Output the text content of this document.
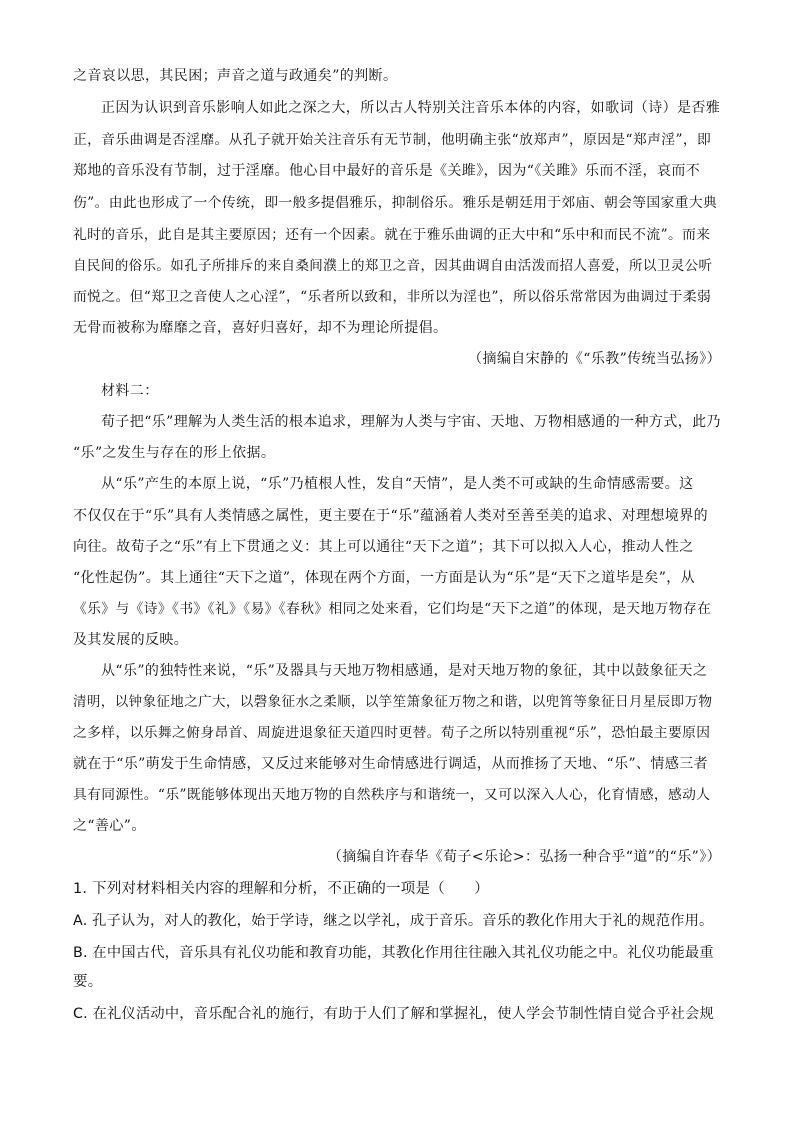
之音哀以思，其民困；声音之道与政通矣”的判断。
正因为认识到音乐影响人如此之深之大，所以古人特别关注音乐本体的内容，如歌词（诗）是否雅
正，音乐曲调是否淫靡。从孔子就开始关注音乐有无节制，他明确主张“放郑声”，原因是“郑声淫”，即
郑地的音乐没有节制，过于淫靡。他心目中最好的音乐是《关雎》，因为“《关雎》乐而不淫，哀而不
伤”。由此也形成了一个传统，即一般多提倡雅乐，抑制俗乐。雅乐是朝廷用于郊庙、朝会等国家重大典
礼时的音乐，此自是其主要原因；还有一个因素。就在于雅乐曲调的正大中和“乐中和而民不流”。而来
自民间的俗乐。如孔子所排斥的来自桑间濮上的郑卫之音，因其曲调自由活泼而招人喜爱，所以卫灵公听
而悦之。但“郑卫之音使人之心淫”，“乐者所以致和，非所以为淫也”，所以俗乐常常因为曲调过于柔弱
无骨而被称为靡靡之音，喜好归喜好，却不为理论所提倡。
（摘编自宋静的《“乐教”传统当弘扬》）
材料二：
荀子把“乐”理解为人类生活的根本追求，理解为人类与宇宙、天地、万物相感通的一种方式，此乃
“乐”之发生与存在的形上依据。
从“乐”产生的本原上说，“乐”乃植根人性，发自“天情”，是人类不可或缺的生命情感需要。这
不仅仅在于“乐”具有人类情感之属性，更主要在于“乐”蕴涵着人类对至善至美的追求、对理想境界的
向往。故荀子之“乐”有上下贯通之义：其上可以通往“天下之道”；其下可以拟入人心，推动人性之
“化性起伪”。其上通往“天下之道”，体现在两个方面，一方面是认为“乐”是“天下之道毕是矣”，从
《乐》与《诗》《书》《礼》《易》《春秋》相同之处来看，它们均是“天下之道”的体现，是天地万物存在
及其发展的反映。
从“乐”的独特性来说，“乐”及器具与天地万物相感通，是对天地万物的象征，其中以鼓象征天之
清明，以钟象征地之广大，以磬象征水之柔顺，以竽笙箫象征万物之和谐，以兜筲等象征日月星辰即万物
之多样，以乐舞之俯身昂首、周旋进退象征天道四时更替。荀子之所以特别重视“乐”，恐怕最主要原因
就在于“乐”萌发于生命情感，又反过来能够对生命情感进行调适，从而推扬了天地、“乐”、情感三者
具有同源性。“乐”既能够体现出天地万物的自然秩序与和谐统一，又可以深入人心，化育情感，感动人
之“善心”。
（摘编自许春华《荀子<乐论>：弘扬一种合乎“道”的“乐”》）
1. 下列对材料相关内容的理解和分析，不正确的一项是（　　）
A. 孔子认为，对人的教化，始于学诗，继之以学礼，成于音乐。音乐的教化作用大于礼的规范作用。
B. 在中国古代，音乐具有礼仪功能和教育功能，其教化作用往往融入其礼仪功能之中。礼仪功能最重
要。
C. 在礼仪活动中，音乐配合礼的施行，有助于人们了解和掌握礼，使人学会节制性情自觉合乎社会规
